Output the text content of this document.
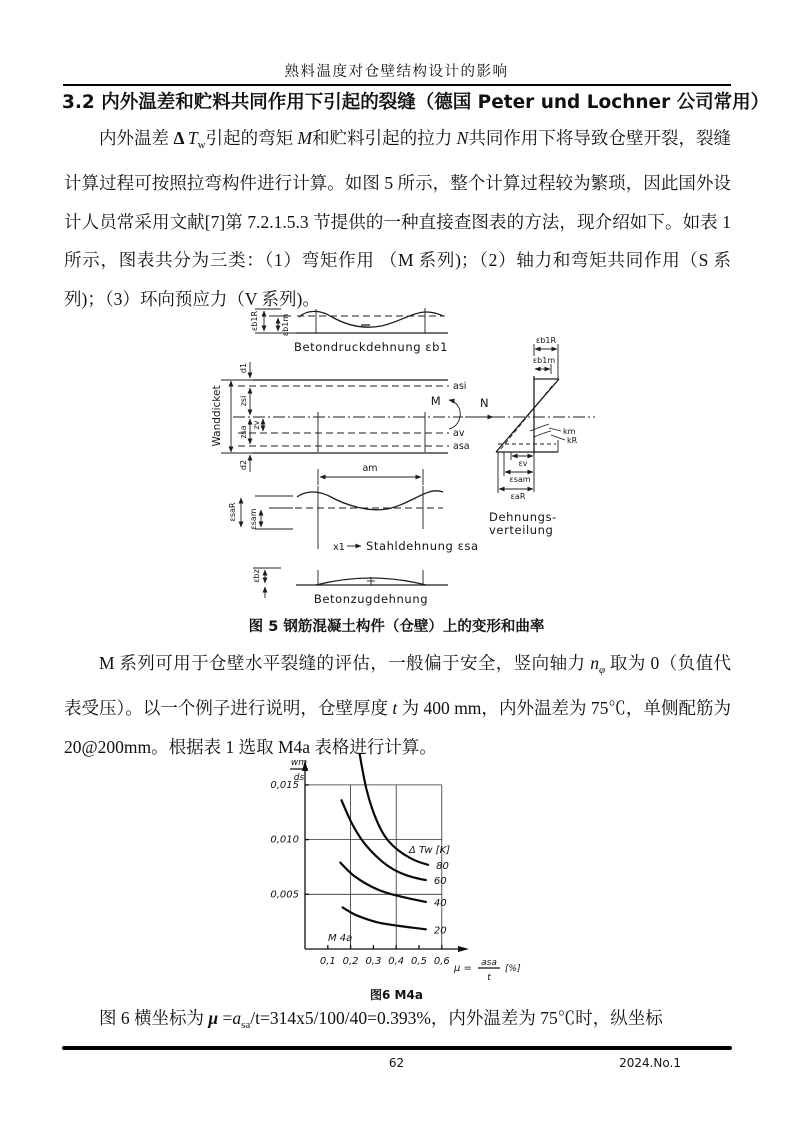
熟料温度对仓壁结构设计的影响
3.2 内外温差和贮料共同作用下引起的裂缝（德国 Peter und Lochner 公司常用）

内外温差 Δ $T_w$引起的弯矩 M和贮料引起的拉力 N共同作用下将导致仓壁开裂，裂缝计算过程可按照拉弯构件进行计算。如图 5 所示，整个计算过程较为繁琐，因此国外设计人员常采用文献[7]第 7.2.1.5.3 节提供的一种直接查图表的方法，现介绍如下。如表 1 所示，图表共分为三类：（1）弯矩作用 （M 系列)；（2）轴力和弯矩共同作用（S 系列)；（3）环向预应力（V 系列)。

εb1R	εb1m
Betondruckdehnung εb1
Wanddicket
d1
zsi
zv
zsa
d2
asi
av
asa
M	N
am
εsaR εsam
x1 Stahldehnung εsa
εbz
Betonzugdehnung
εb1R
εb1m
km
kR
εv
εsam
εaR
Dehnungs-
verteilung
图 5 钢筋混凝土构件（仓壁）上的变形和曲率

M 系列可用于仓壁水平裂缝的评估，一般偏于安全，竖向轴力 $n_\varphi$ 取为 0（负值代表受压）。以一个例子进行说明，仓壁厚度 t 为 400 mm，内外温差为 75℃，单侧配筋为 20@200mm。根据表 1 选取 M4a 表格进行计算。

0,1 0,2 0,3 0,4 0,5 0,6
0,005
0,010
0,015
80
60
40
20
Δ Tw [K]
M 4a
wm
ds
μ = asa
t
[%]
图6 M4a

图 6 横坐标为 $\mu =a_{sa}/t=314x5/100/40=0.393\%$，内外温差为 75℃时，纵坐标

62	2024.No.1
